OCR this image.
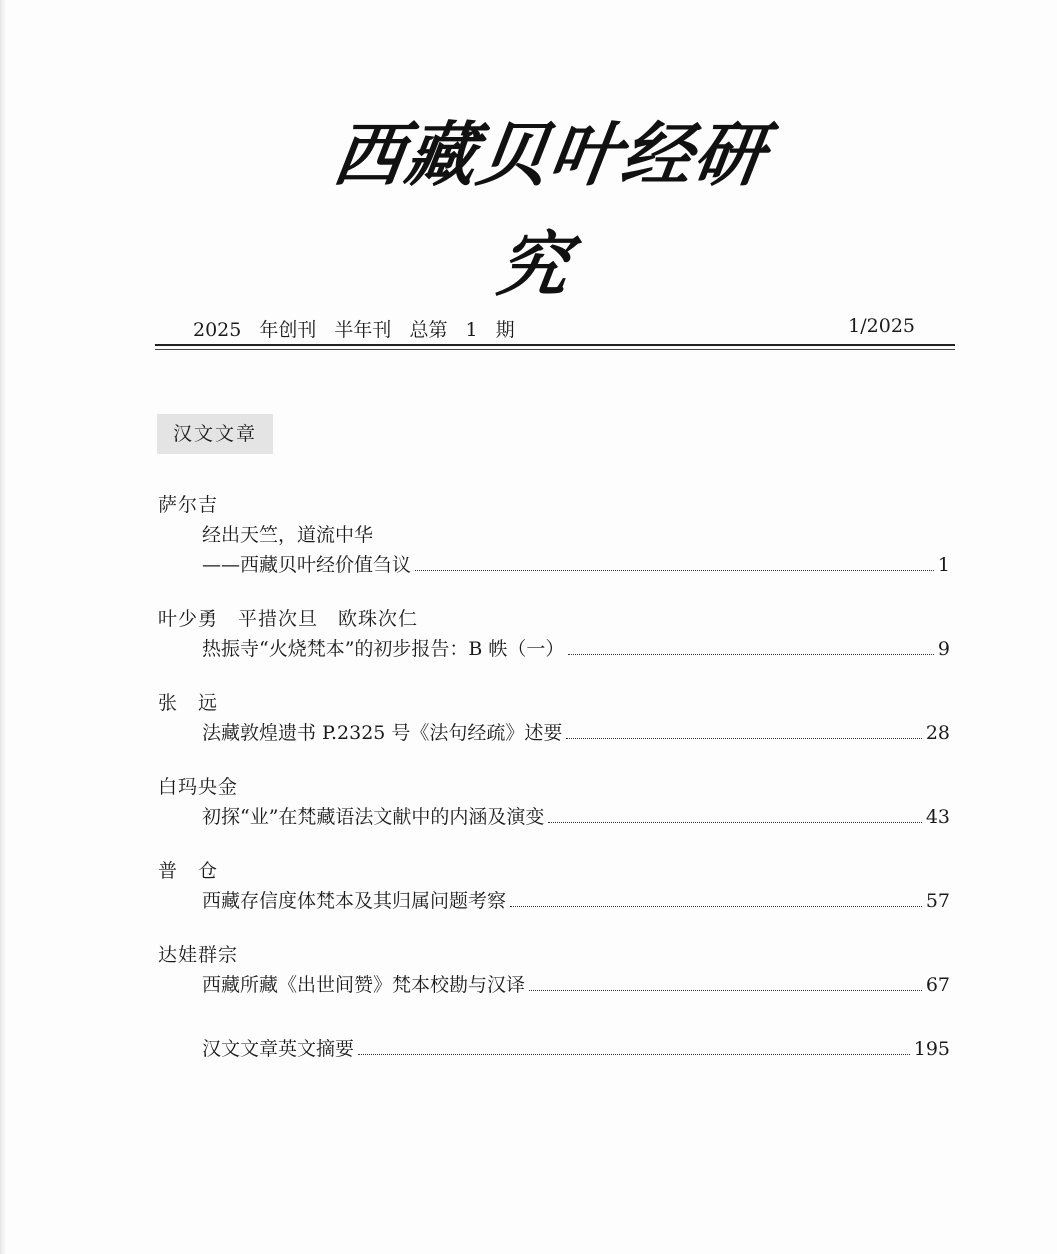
西藏贝叶经研究
2025 年创刊 半年刊 总第 1 期	1/2025
汉文文章
萨尔吉
经出天竺，道流中华
——西藏贝叶经价值刍议	1
叶少勇　平措次旦　欧珠次仁
热振寺“火烧梵本”的初步报告：B 帙（一）	9
张　远
法藏敦煌遗书 P.2325 号《法句经疏》述要	28
白玛央金
初探“业”在梵藏语法文献中的内涵及演变	43
普　仓
西藏存信度体梵本及其归属问题考察	57
达娃群宗
西藏所藏《出世间赞》梵本校勘与汉译	67
汉文文章英文摘要	195
